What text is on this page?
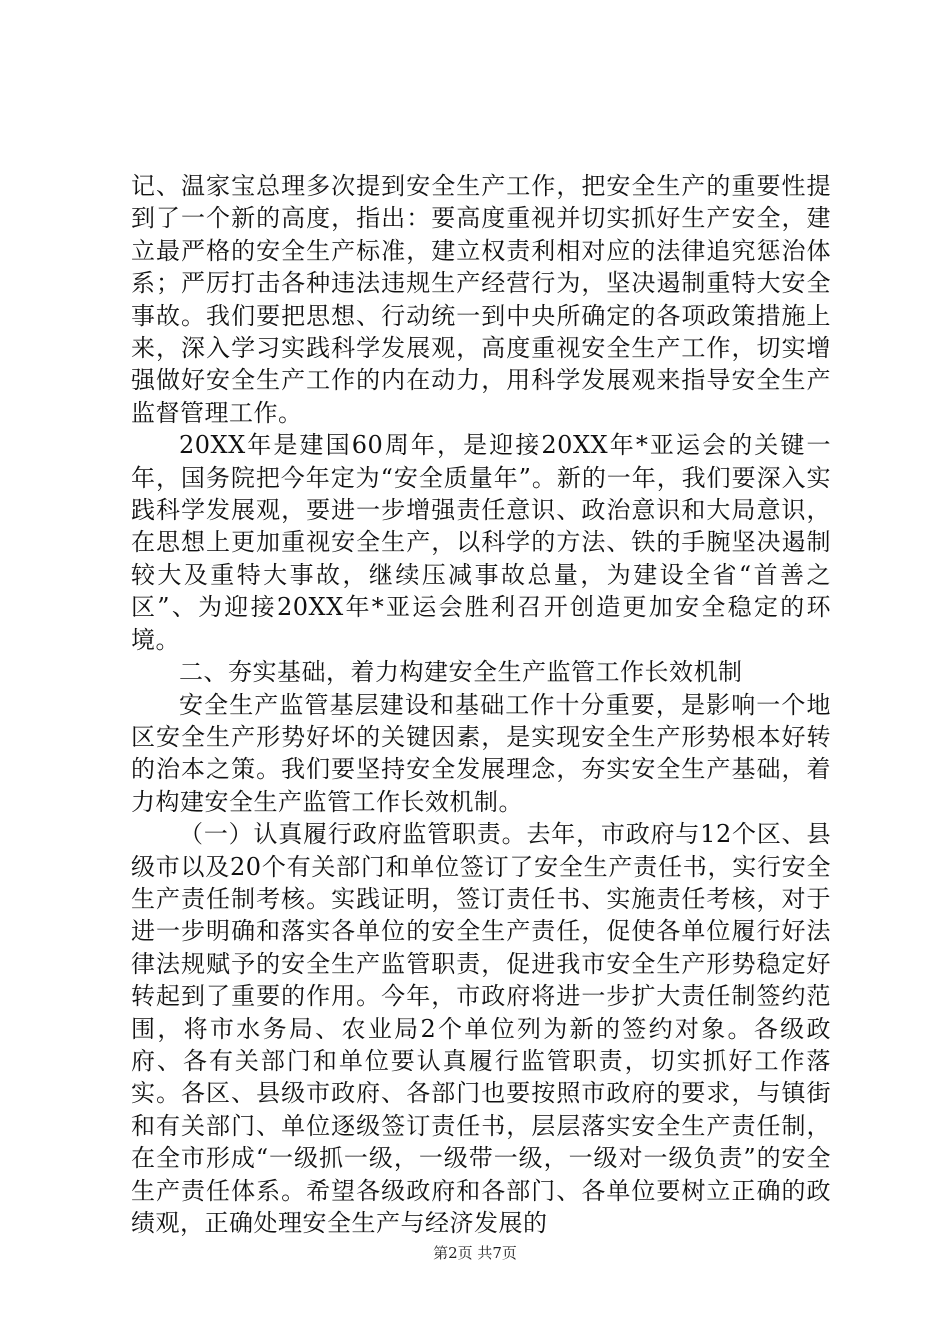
记、温家宝总理多次提到安全生产工作，把安全生产的重要性提到了一个新的高度，指出：要高度重视并切实抓好生产安全，建立最严格的安全生产标准，建立权责利相对应的法律追究惩治体系；严厉打击各种违法违规生产经营行为，坚决遏制重特大安全事故。我们要把思想、行动统一到中央所确定的各项政策措施上来，深入学习实践科学发展观，高度重视安全生产工作，切实增强做好安全生产工作的内在动力，用科学发展观来指导安全生产监督管理工作。

20XX年是建国60周年，是迎接20XX年*亚运会的关键一年，国务院把今年定为“安全质量年”。新的一年，我们要深入实践科学发展观，要进一步增强责任意识、政治意识和大局意识，在思想上更加重视安全生产，以科学的方法、铁的手腕坚决遏制较大及重特大事故，继续压减事故总量，为建设全省“首善之区”、为迎接20XX年*亚运会胜利召开创造更加安全稳定的环境。

二、夯实基础，着力构建安全生产监管工作长效机制

安全生产监管基层建设和基础工作十分重要，是影响一个地区安全生产形势好坏的关键因素，是实现安全生产形势根本好转的治本之策。我们要坚持安全发展理念，夯实安全生产基础，着力构建安全生产监管工作长效机制。

（一）认真履行政府监管职责。去年，市政府与12个区、县级市以及20个有关部门和单位签订了安全生产责任书，实行安全生产责任制考核。实践证明，签订责任书、实施责任考核，对于进一步明确和落实各单位的安全生产责任，促使各单位履行好法律法规赋予的安全生产监管职责，促进我市安全生产形势稳定好转起到了重要的作用。今年，市政府将进一步扩大责任制签约范围，将市水务局、农业局2个单位列为新的签约对象。各级政府、各有关部门和单位要认真履行监管职责，切实抓好工作落实。各区、县级市政府、各部门也要按照市政府的要求，与镇街和有关部门、单位逐级签订责任书，层层落实安全生产责任制，在全市形成“一级抓一级，一级带一级，一级对一级负责”的安全生产责任体系。希望各级政府和各部门、各单位要树立正确的政绩观，正确处理安全生产与经济发展的

第2页 共7页
